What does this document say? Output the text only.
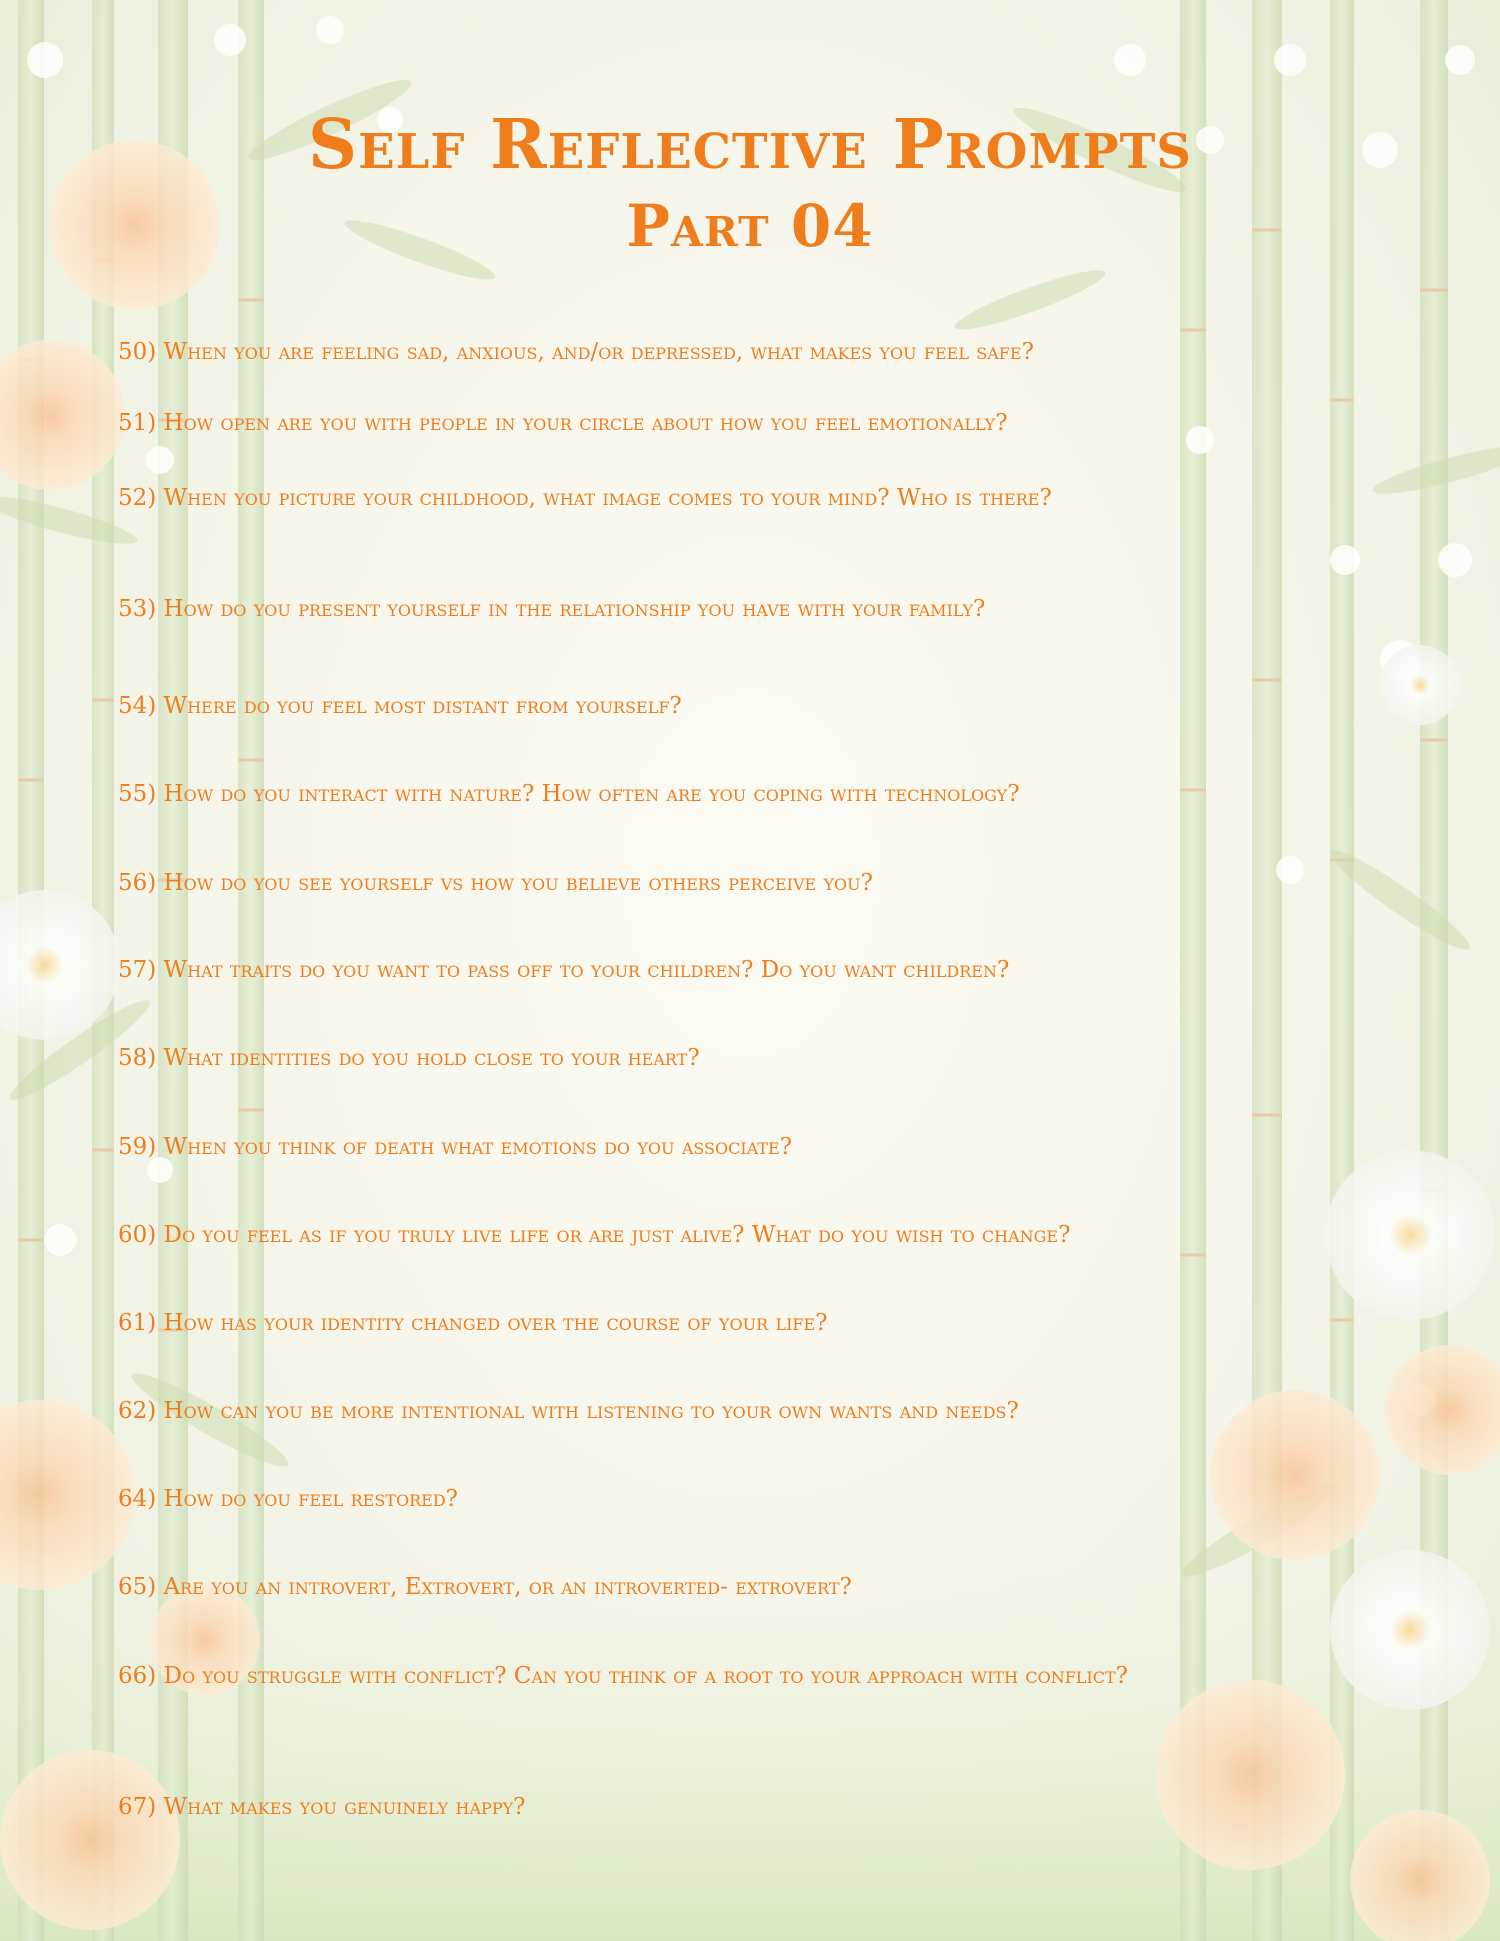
Self Reflective Prompts
Part 04

50) When you are feeling sad, anxious, and/or depressed, what makes you feel safe?

51) How open are you with people in your circle about how you feel emotionally?

52) When you picture your childhood, what image comes to your mind? Who is there?

53) How do you present yourself in the relationship you have with your family?

54) Where do you feel most distant from yourself?

55) How do you interact with nature? How often are you coping with technology?

56) How do you see yourself vs how you believe others perceive you?

57) What traits do you want to pass off to your children? Do you want children?

58) What identities do you hold close to your heart?

59) When you think of death what emotions do you associate?

60) Do you feel as if you truly live life or are just alive? What do you wish to change?

61) How has your identity changed over the course of your life?

62) How can you be more intentional with listening to your own wants and needs?

64) How do you feel restored?

65) Are you an introvert, Extrovert, or an introverted- extrovert?

66) Do you struggle with conflict? Can you think of a root to your approach with conflict?

67) What makes you genuinely happy?
